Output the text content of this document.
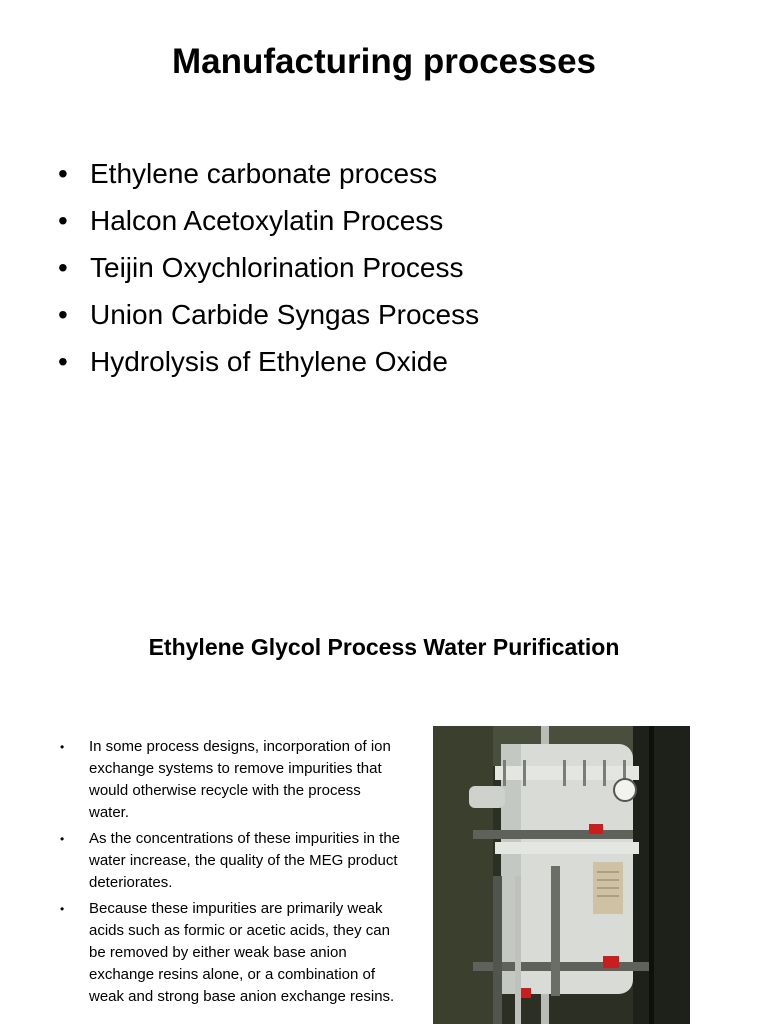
Manufacturing processes
• Ethylene carbonate process
• Halcon Acetoxylatin Process
• Teijin Oxychlorination Process
• Union Carbide Syngas Process
• Hydrolysis of Ethylene Oxide
Ethylene Glycol Process Water Purification
• In some process designs, incorporation of ion exchange systems to remove impurities that would otherwise recycle with the process water.
• As the concentrations of these impurities in the water increase, the quality of the MEG product deteriorates.
• Because these impurities are primarily weak acids such as formic or acetic acids, they can be removed by either weak base anion exchange resins alone, or a combination of weak and strong base anion exchange resins.
